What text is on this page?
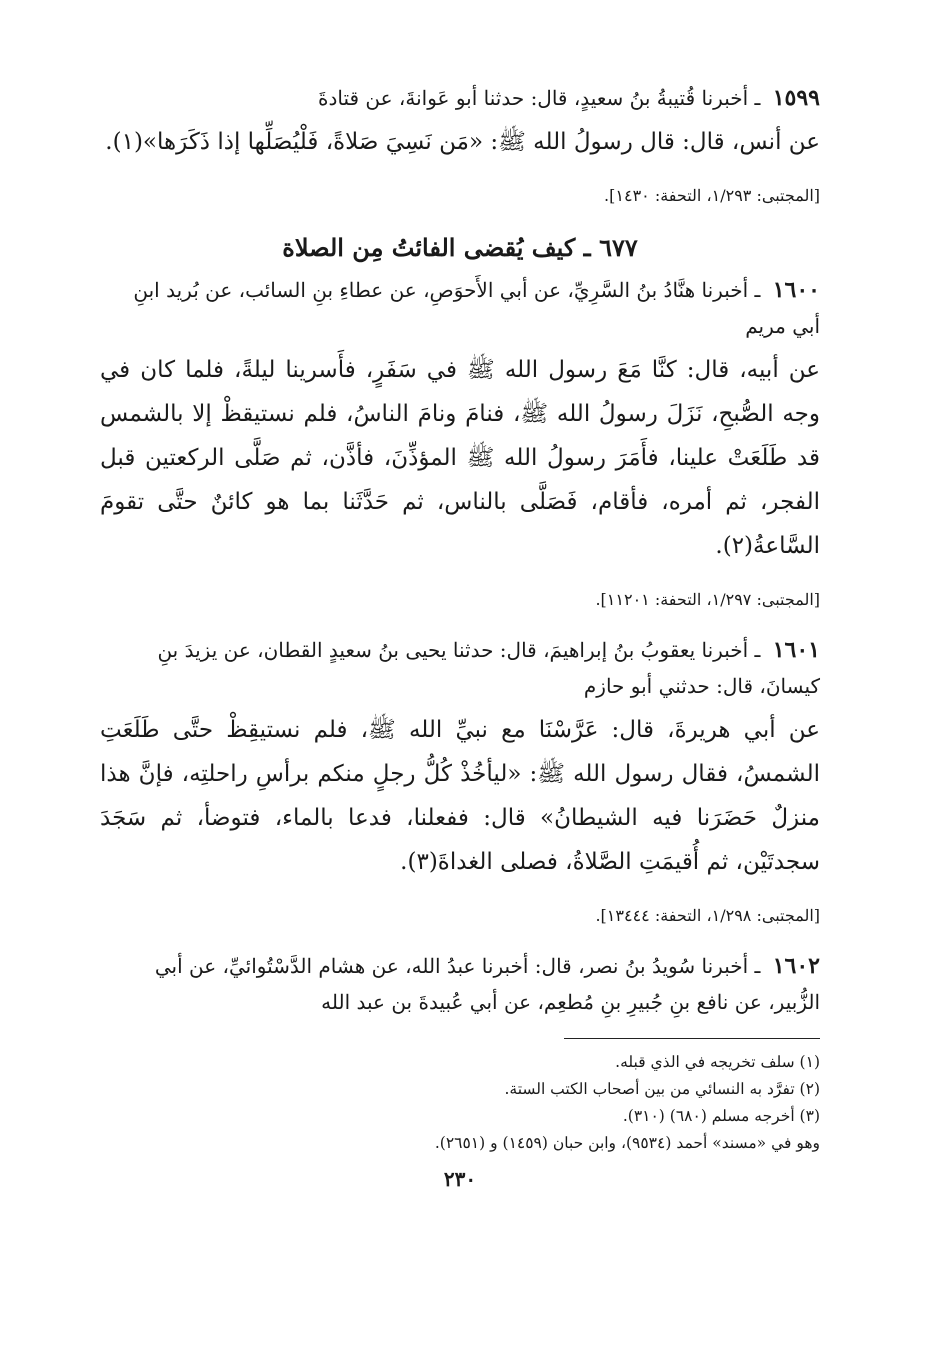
١٥٩٩ ـ أخبرنا قُتيبةُ بنُ سعيدٍ، قال: حدثنا أبو عَوانةَ، عن قتادةَ

عن أنس، قال: قال رسولُ الله ﷺ: «مَن نَسِيَ صَلاةً، فَلْيُصَلِّها إذا ذَكَرَها»(١).

[المجتبى: ١/٢٩٣، التحفة: ١٤٣٠].

٦٧٧ ـ كيف يُقضى الفائتُ مِن الصلاة

١٦٠٠ ـ أخبرنا هنَّادُ بنُ السَّرِيِّ، عن أبي الأَحوَصِ، عن عطاءِ بنِ السائب، عن بُريد ابنِ أبي مريم

عن أبيه، قال: كنَّا مَعَ رسول الله ﷺ في سَفَرٍ، فأَسرينا ليلةً، فلما كان في وجه الصُّبحِ، نَزَلَ رسولُ الله ﷺ، فنامَ ونامَ الناسُ، فلم نستيقظْ إلا بالشمس قد طَلَعَتْ علينا، فأَمَرَ رسولُ الله ﷺ المؤذِّنَ، فأذَّن، ثم صَلَّى الركعتين قبل الفجر، ثم أمره، فأقام، فَصَلَّى بالناس، ثم حَدَّثَنا بما هو كائنٌ حتَّى تقومَ السَّاعةُ(٢).

[المجتبى: ١/٢٩٧، التحفة: ١١٢٠١].

١٦٠١ ـ أخبرنا يعقوبُ بنُ إبراهيمَ، قال: حدثنا يحيى بنُ سعيدٍ القطان، عن يزيدَ بنِ كيسانَ، قال: حدثني أبو حازم

عن أبي هريرةَ، قال: عَرَّسْنَا مع نبيِّ الله ﷺ، فلم نستيقِظْ حتَّى طَلَعَتِ الشمسُ، فقال رسول الله ﷺ: «ليأخُذْ كُلُّ رجلٍ منكم برأسِ راحلتِه، فإنَّ هذا منزلٌ حَضَرَنا فيه الشيطانُ» قال: ففعلنا، فدعا بالماء، فتوضأ، ثم سَجَدَ سجدتَيْن، ثم أُقيمَتِ الصَّلاةُ، فصلى الغداةَ(٣).

[المجتبى: ١/٢٩٨، التحفة: ١٣٤٤٤].

١٦٠٢ ـ أخبرنا سُويدُ بنُ نصر، قال: أخبرنا عبدُ الله، عن هشام الدَّسْتُوائيِّ، عن أبي الزُّبير، عن نافع بنِ جُبيرِ بنِ مُطعِم، عن أبي عُبيدةَ بن عبد الله

(١) سلف تخريجه في الذي قبله.

(٢) تفرَّد به النسائي من بين أصحاب الكتب الستة.

(٣) أخرجه مسلم (٦٨٠) (٣١٠).

وهو في «مسند» أحمد (٩٥٣٤)، وابن حبان (١٤٥٩) و (٢٦٥١).

٢٣٠
